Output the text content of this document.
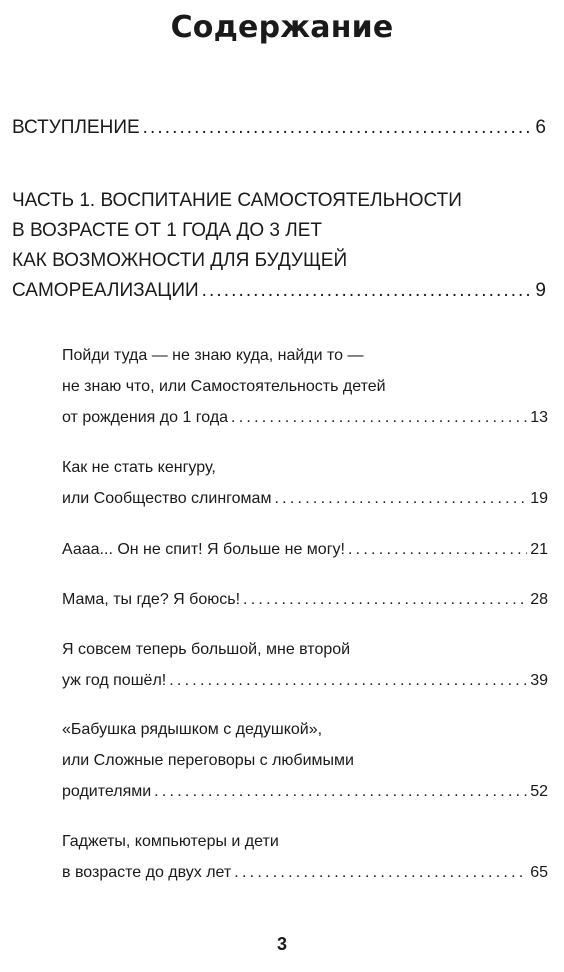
Содержание
ВСТУПЛЕНИЕ . . .	6
ЧАСТЬ 1. ВОСПИТАНИЕ САМОСТОЯТЕЛЬНОСТИ
В ВОЗРАСТЕ ОТ 1 ГОДА ДО 3 ЛЕТ
КАК ВОЗМОЖНОСТИ ДЛЯ БУДУЩЕЙ
САМОРЕАЛИЗАЦИИ . . .	9
Пойди туда — не знаю куда, найди то —
не знаю что, или Самостоятельность детей
от рождения до 1 года . . .	13
Как не стать кенгуру,
или Сообщество слингомам . . .	19
Аааа... Он не спит! Я больше не могу! . . .	21
Мама, ты где? Я боюсь! . . .	28
Я совсем теперь большой, мне второй
уж год пошёл! . . .	39
«Бабушка рядышком с дедушкой»,
или Сложные переговоры с любимыми
родителями . . .	52
Гаджеты, компьютеры и дети
в возрасте до двух лет . . .	65
3
